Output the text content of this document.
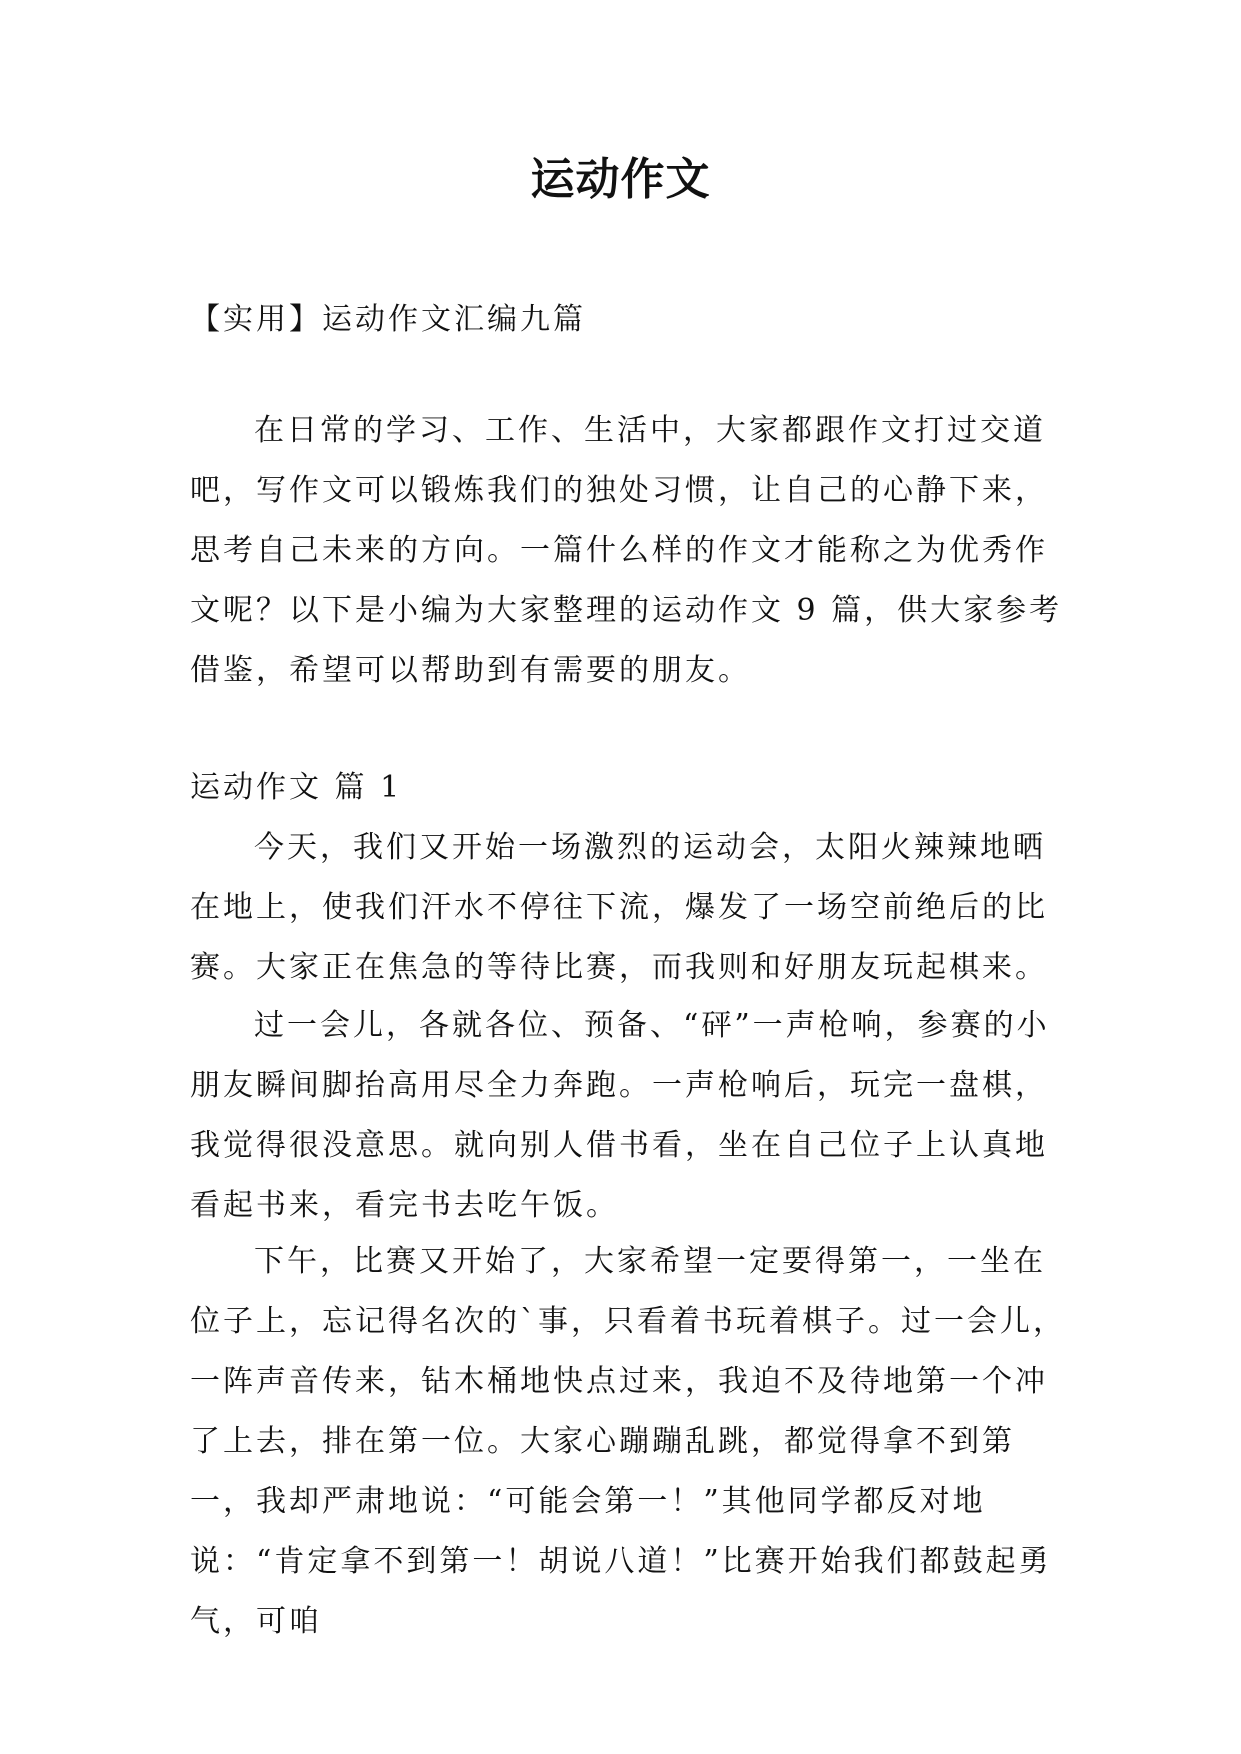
运动作文

【实用】运动作文汇编九篇

在日常的学习、工作、生活中，大家都跟作文打过交道吧，写作文可以锻炼我们的独处习惯，让自己的心静下来，思考自己未来的方向。一篇什么样的作文才能称之为优秀作文呢？以下是小编为大家整理的运动作文 9 篇，供大家参考借鉴，希望可以帮助到有需要的朋友。

运动作文 篇 1

今天，我们又开始一场激烈的运动会，太阳火辣辣地晒在地上，使我们汗水不停往下流，爆发了一场空前绝后的比赛。大家正在焦急的等待比赛，而我则和好朋友玩起棋来。

过一会儿，各就各位、预备、“砰”一声枪响，参赛的小朋友瞬间脚抬高用尽全力奔跑。一声枪响后，玩完一盘棋，我觉得很没意思。就向别人借书看，坐在自己位子上认真地看起书来，看完书去吃午饭。

下午，比赛又开始了，大家希望一定要得第一，一坐在位子上，忘记得名次的`事，只看着书玩着棋子。过一会儿，一阵声音传来，钻木桶地快点过来，我迫不及待地第一个冲了上去，排在第一位。大家心蹦蹦乱跳，都觉得拿不到第一，我却严肃地说：“可能会第一！”其他同学都反对地说：“肯定拿不到第一！胡说八道！”比赛开始我们都鼓起勇气，可咱
